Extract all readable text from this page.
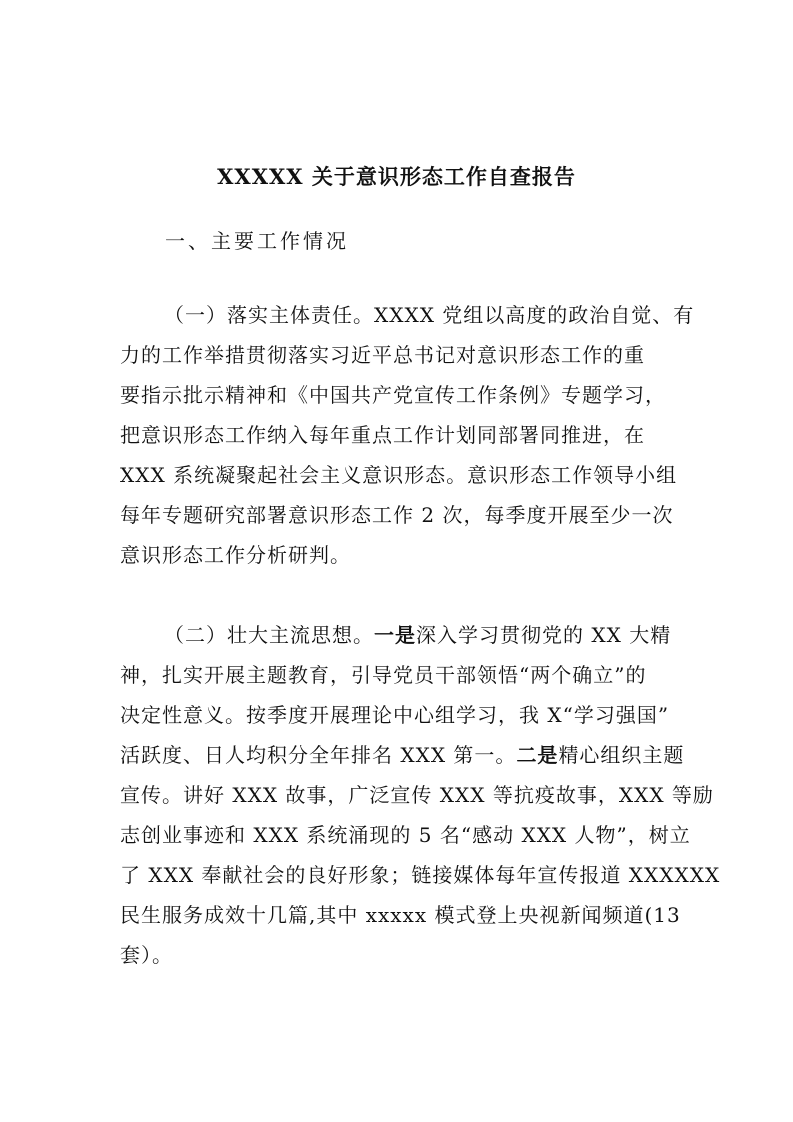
XXXXX 关于意识形态工作自查报告
一、主要工作情况

（一）落实主体责任。XXXX 党组以高度的政治自觉、有
力的工作举措贯彻落实习近平总书记对意识形态工作的重
要指示批示精神和《中国共产党宣传工作条例》专题学习，
把意识形态工作纳入每年重点工作计划同部署同推进，在
XXX 系统凝聚起社会主义意识形态。意识形态工作领导小组
每年专题研究部署意识形态工作 2 次，每季度开展至少一次
意识形态工作分析研判。

（二）壮大主流思想。一是深入学习贯彻党的 XX 大精
神，扎实开展主题教育，引导党员干部领悟“两个确立”的
决定性意义。按季度开展理论中心组学习，我 X“学习强国”
活跃度、日人均积分全年排名 XXX 第一。二是精心组织主题
宣传。讲好 XXX 故事，广泛宣传 XXX 等抗疫故事，XXX 等励
志创业事迹和 XXX 系统涌现的 5 名“感动 XXX 人物”，树立
了 XXX 奉献社会的良好形象；链接媒体每年宣传报道 XXXXXX
民生服务成效十几篇,其中 xxxxx 模式登上央视新闻频道(13
套）。
